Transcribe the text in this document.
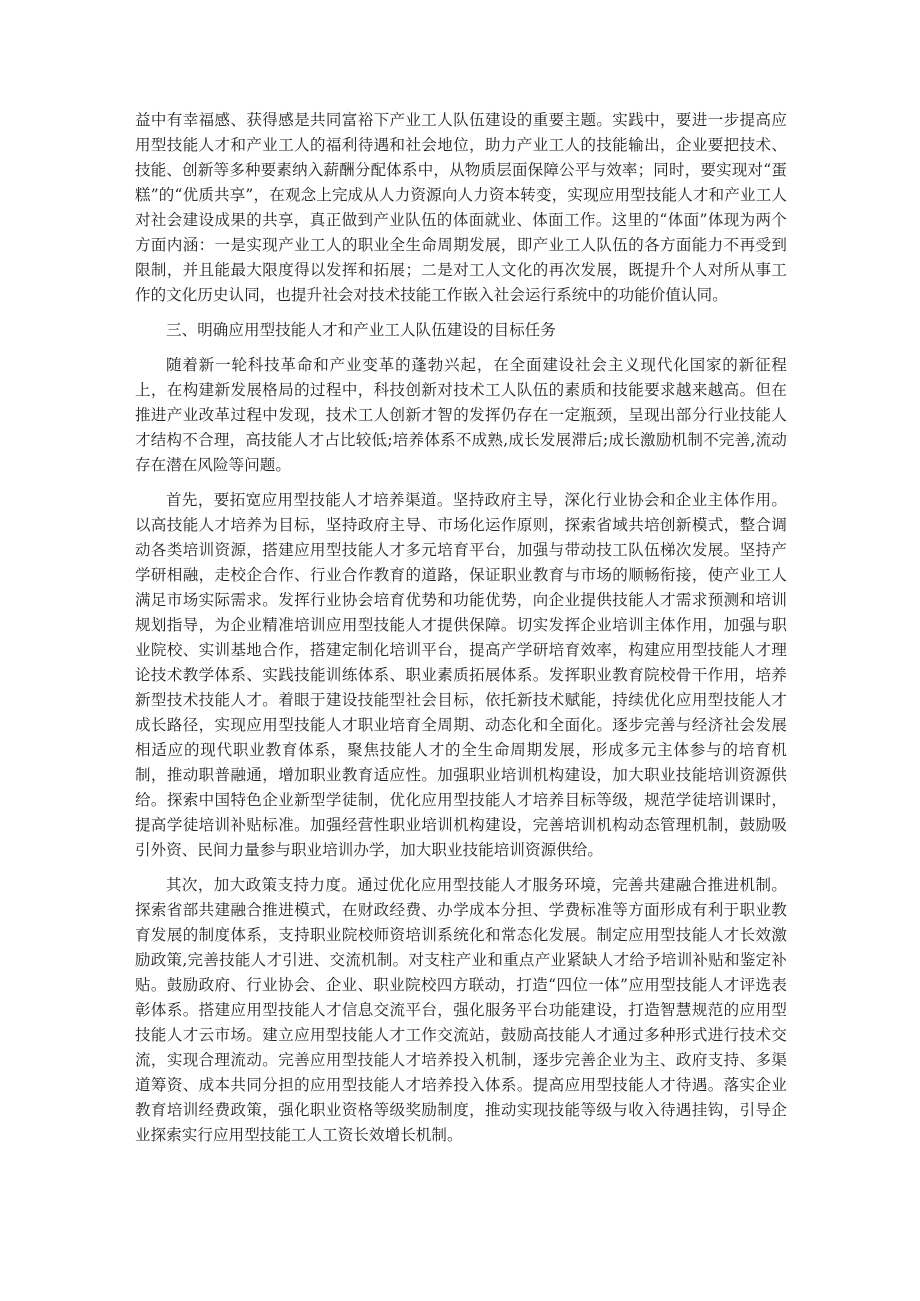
益中有幸福感、获得感是共同富裕下产业工人队伍建设的重要主题。实践中，要进一步提高应用型技能人才和产业工人的福利待遇和社会地位，助力产业工人的技能输出，企业要把技术、技能、创新等多种要素纳入薪酬分配体系中，从物质层面保障公平与效率；同时，要实现对“蛋糕”的“优质共享”，在观念上完成从人力资源向人力资本转变，实现应用型技能人才和产业工人对社会建设成果的共享，真正做到产业队伍的体面就业、体面工作。这里的“体面”体现为两个方面内涵：一是实现产业工人的职业全生命周期发展，即产业工人队伍的各方面能力不再受到限制，并且能最大限度得以发挥和拓展；二是对工人文化的再次发展，既提升个人对所从事工作的文化历史认同，也提升社会对技术技能工作嵌入社会运行系统中的功能价值认同。

三、明确应用型技能人才和产业工人队伍建设的目标任务

随着新一轮科技革命和产业变革的蓬勃兴起，在全面建设社会主义现代化国家的新征程上，在构建新发展格局的过程中，科技创新对技术工人队伍的素质和技能要求越来越高。但在推进产业改革过程中发现，技术工人创新才智的发挥仍存在一定瓶颈，呈现出部分行业技能人才结构不合理，高技能人才占比较低;培养体系不成熟,成长发展滞后;成长激励机制不完善,流动存在潜在风险等问题。

首先，要拓宽应用型技能人才培养渠道。坚持政府主导，深化行业协会和企业主体作用。以高技能人才培养为目标，坚持政府主导、市场化运作原则，探索省域共培创新模式，整合调动各类培训资源，搭建应用型技能人才多元培育平台，加强与带动技工队伍梯次发展。坚持产学研相融，走校企合作、行业合作教育的道路，保证职业教育与市场的顺畅衔接，使产业工人满足市场实际需求。发挥行业协会培育优势和功能优势，向企业提供技能人才需求预测和培训规划指导，为企业精准培训应用型技能人才提供保障。切实发挥企业培训主体作用，加强与职业院校、实训基地合作，搭建定制化培训平台，提高产学研培育效率，构建应用型技能人才理论技术教学体系、实践技能训练体系、职业素质拓展体系。发挥职业教育院校骨干作用，培养新型技术技能人才。着眼于建设技能型社会目标，依托新技术赋能，持续优化应用型技能人才成长路径，实现应用型技能人才职业培育全周期、动态化和全面化。逐步完善与经济社会发展相适应的现代职业教育体系，聚焦技能人才的全生命周期发展，形成多元主体参与的培育机制，推动职普融通，增加职业教育适应性。加强职业培训机构建设，加大职业技能培训资源供给。探索中国特色企业新型学徒制，优化应用型技能人才培养目标等级，规范学徒培训课时，提高学徒培训补贴标准。加强经营性职业培训机构建设，完善培训机构动态管理机制，鼓励吸引外资、民间力量参与职业培训办学，加大职业技能培训资源供给。

其次，加大政策支持力度。通过优化应用型技能人才服务环境，完善共建融合推进机制。探索省部共建融合推进模式，在财政经费、办学成本分担、学费标准等方面形成有利于职业教育发展的制度体系，支持职业院校师资培训系统化和常态化发展。制定应用型技能人才长效激励政策,完善技能人才引进、交流机制。对支柱产业和重点产业紧缺人才给予培训补贴和鉴定补贴。鼓励政府、行业协会、企业、职业院校四方联动，打造“四位一体”应用型技能人才评选表彰体系。搭建应用型技能人才信息交流平台，强化服务平台功能建设，打造智慧规范的应用型技能人才云市场。建立应用型技能人才工作交流站，鼓励高技能人才通过多种形式进行技术交流，实现合理流动。完善应用型技能人才培养投入机制，逐步完善企业为主、政府支持、多渠道筹资、成本共同分担的应用型技能人才培养投入体系。提高应用型技能人才待遇。落实企业教育培训经费政策，强化职业资格等级奖励制度，推动实现技能等级与收入待遇挂钩，引导企业探索实行应用型技能工人工资长效增长机制。
